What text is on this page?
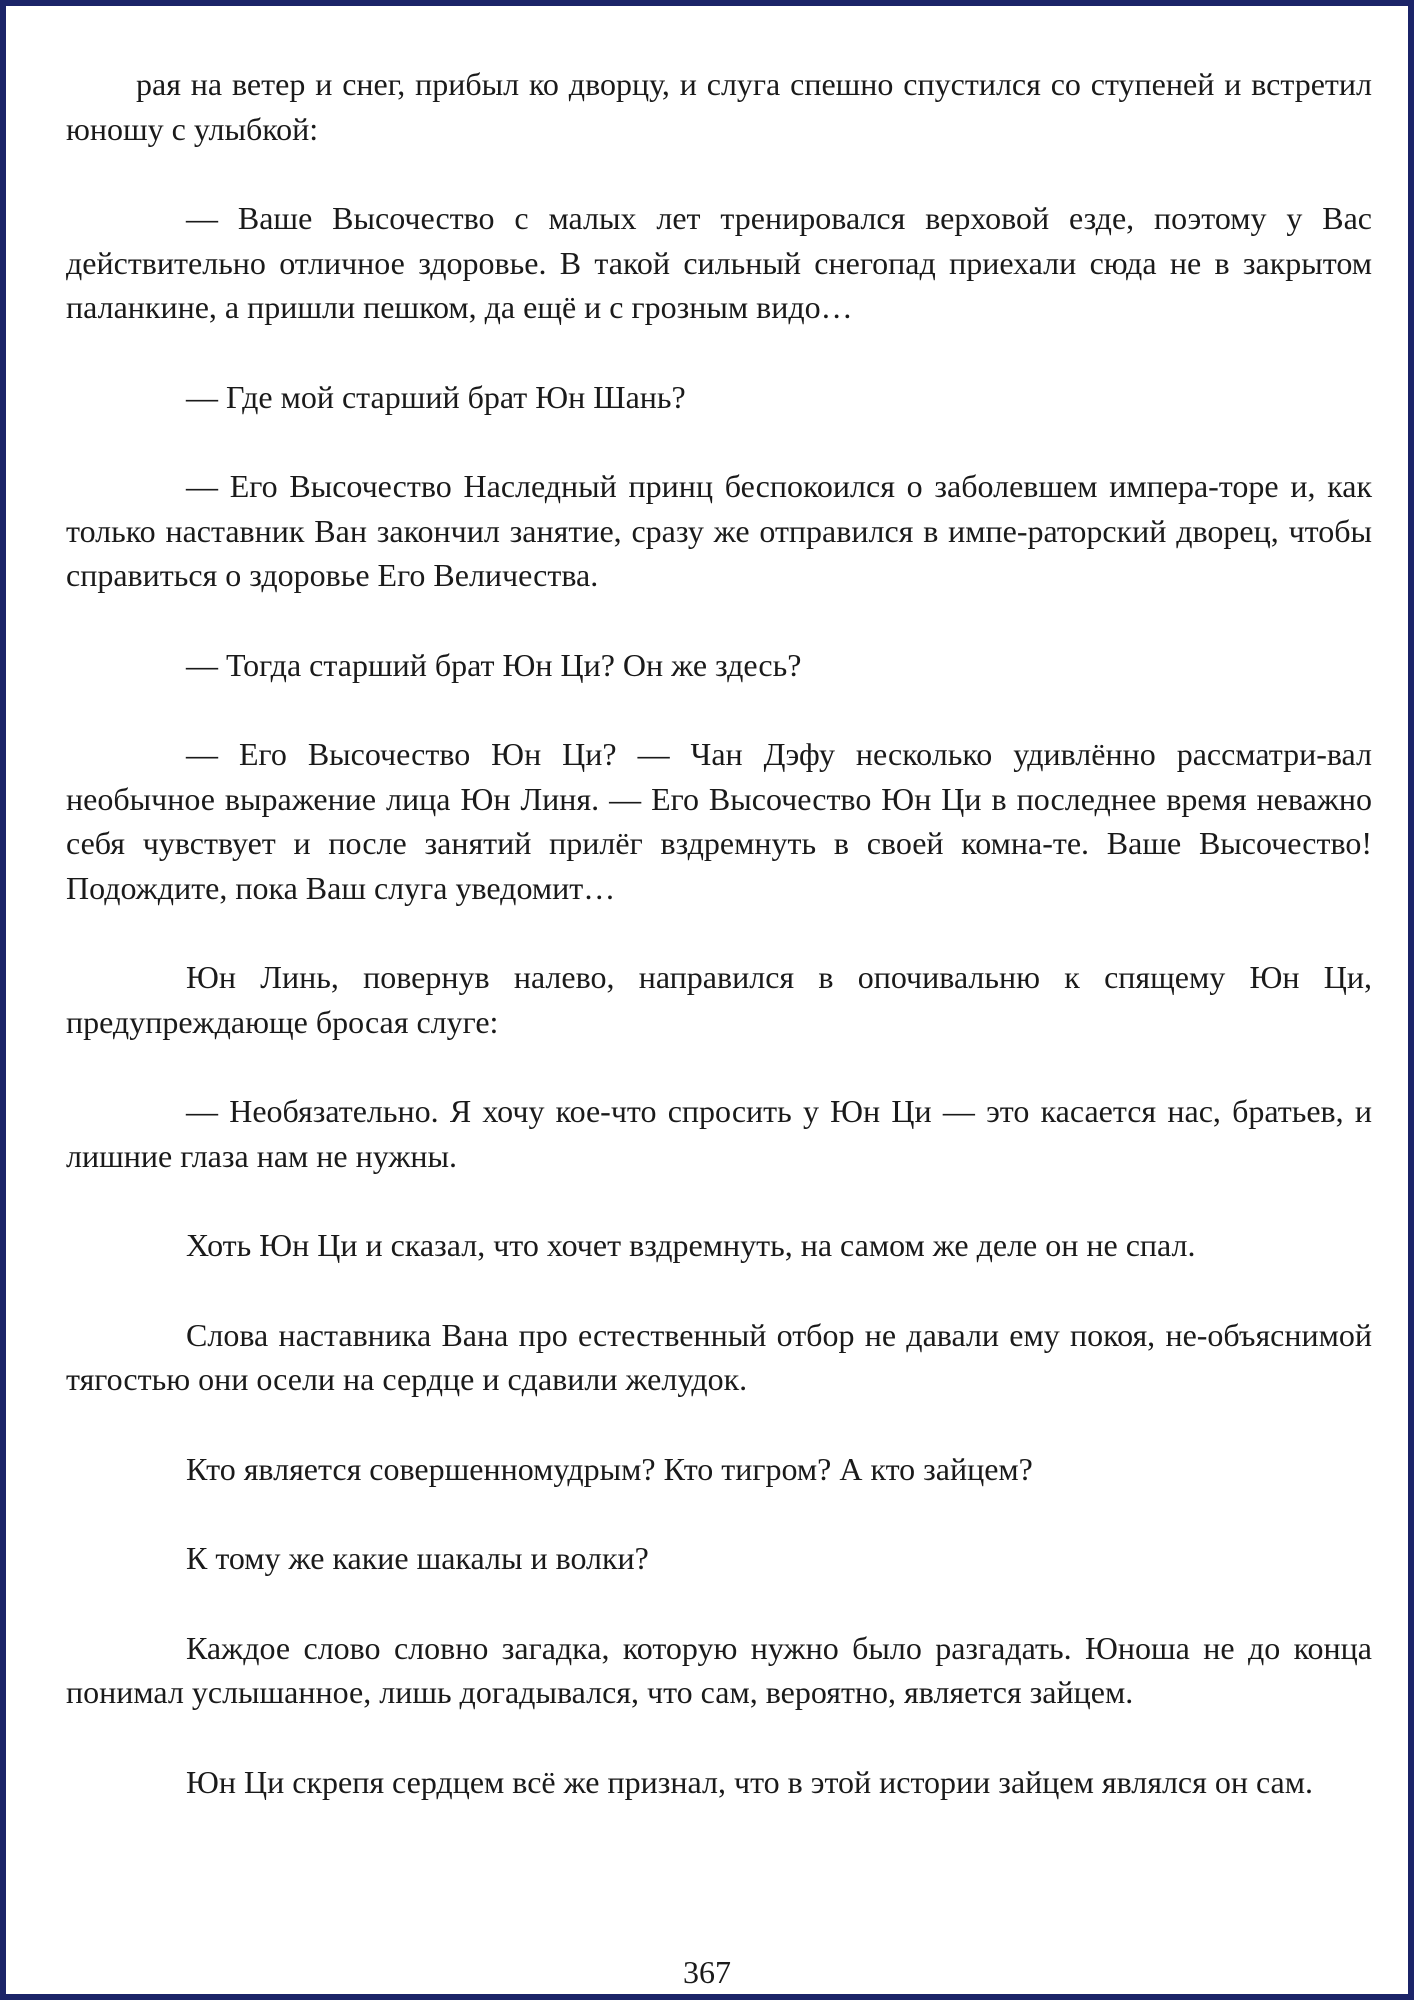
рая на ветер и снег, прибыл ко дворцу, и слуга спешно спустился со ступеней и встретил юношу с улыбкой:

— Ваше Высочество с малых лет тренировался верховой езде, поэтому у Вас действительно отличное здоровье. В такой сильный снегопад приехали сюда не в закрытом паланкине, а пришли пешком, да ещё и с грозным видо…

— Где мой старший брат Юн Шань?

— Его Высочество Наследный принц беспокоился о заболевшем импера-торе и, как только наставник Ван закончил занятие, сразу же отправился в импе-раторский дворец, чтобы справиться о здоровье Его Величества.

— Тогда старший брат Юн Ци? Он же здесь?

— Его Высочество Юн Ци? — Чан Дэфу несколько удивлённо рассматри-вал необычное выражение лица Юн Линя. — Его Высочество Юн Ци в последнее время неважно себя чувствует и после занятий прилёг вздремнуть в своей комна-те. Ваше Высочество! Подождите, пока Ваш слуга уведомит…

Юн Линь, повернув налево, направился в опочивальню к спящему Юн Ци, предупреждающе бросая слуге:

— Необязательно. Я хочу кое-что спросить у Юн Ци — это касается нас, братьев, и лишние глаза нам не нужны.

Хоть Юн Ци и сказал, что хочет вздремнуть, на самом же деле он не спал.

Слова наставника Вана про естественный отбор не давали ему покоя, не-объяснимой тягостью они осели на сердце и сдавили желудок.

Кто является совершенномудрым? Кто тигром? А кто зайцем?

К тому же какие шакалы и волки?

Каждое слово словно загадка, которую нужно было разгадать. Юноша не до конца понимал услышанное, лишь догадывался, что сам, вероятно, является зайцем.

Юн Ци скрепя сердцем всё же признал, что в этой истории зайцем являлся он сам.

367
